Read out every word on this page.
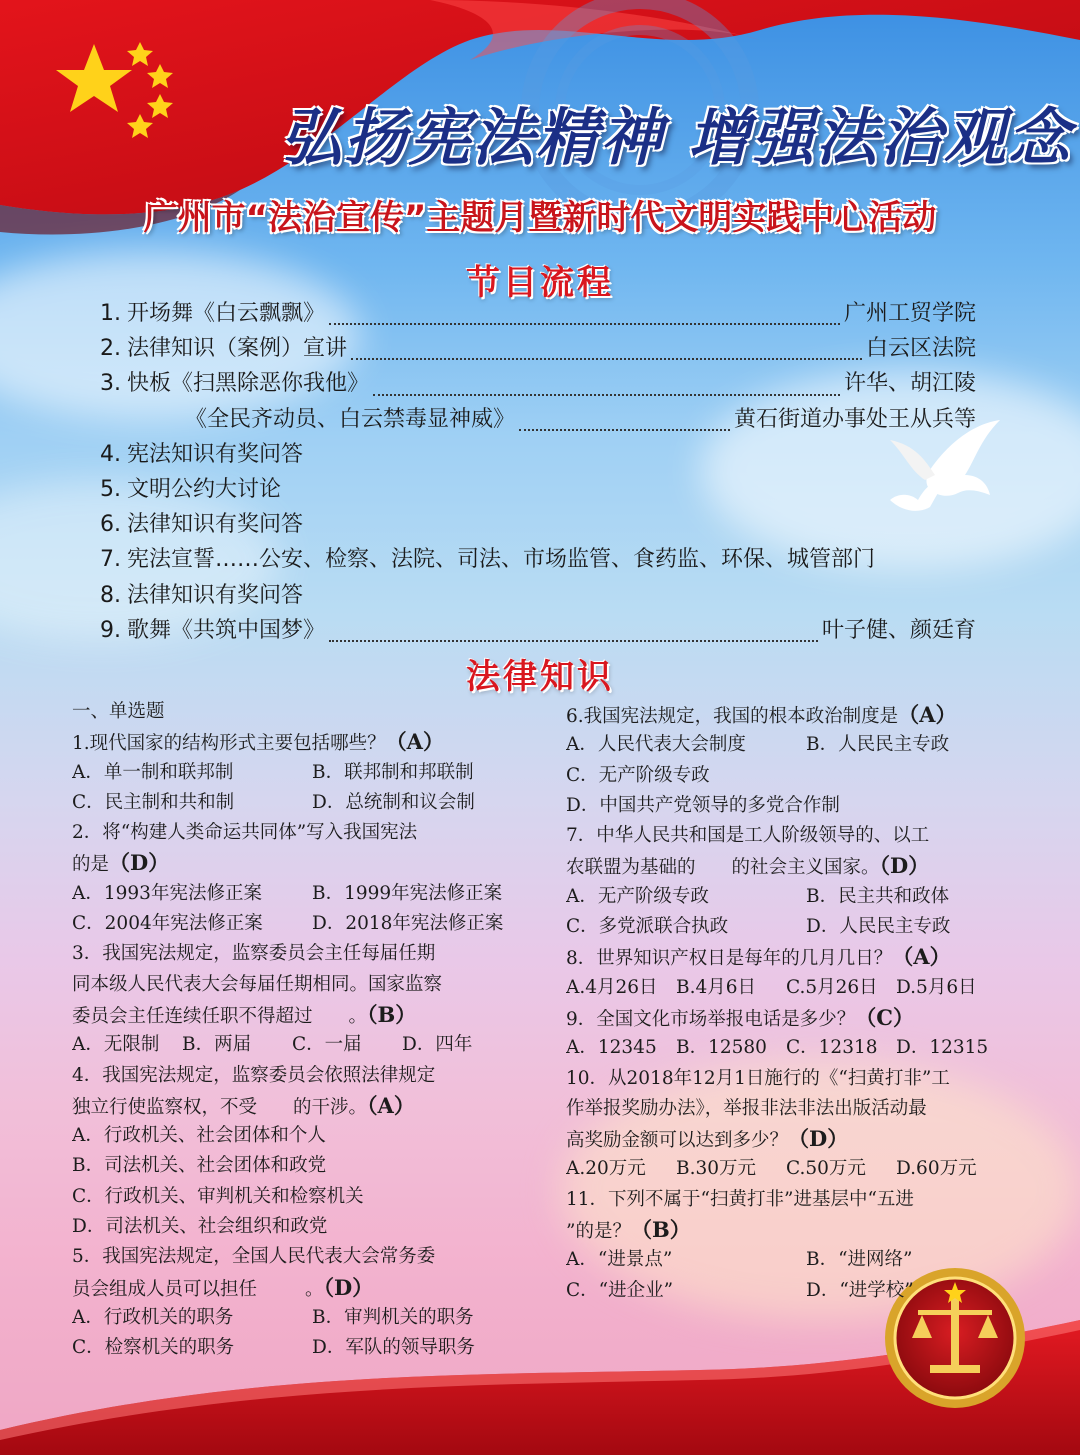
弘扬宪法精神 增强法治观念
广州市“法治宣传”主题月暨新时代文明实践中心活动
节目流程
1. 开场舞《白云飘飘》	广州工贸学院
2. 法律知识（案例）宣讲	白云区法院
3. 快板《扫黑除恶你我他》	许华、胡江陵
《全民齐动员、白云禁毒显神威》	黄石街道办事处王从兵等
4. 宪法知识有奖问答
5. 文明公约大讨论
6. 法律知识有奖问答
7. 宪法宣誓……公安、检察、法院、司法、市场监管、食药监、环保、城管部门
8. 法律知识有奖问答
9. 歌舞《共筑中国梦》	叶子健、颜廷育
法律知识
一、单选题
1.现代国家的结构形式主要包括哪些？（A）
A．单一制和联邦制	B．联邦制和邦联制
C．民主制和共和制	D．总统制和议会制
2．将“构建人类命运共同体”写入我国宪法
的是（D）
A．1993年宪法修正案	B．1999年宪法修正案
C．2004年宪法修正案	D．2018年宪法修正案
3．我国宪法规定，监察委员会主任每届任期
同本级人民代表大会每届任期相同。国家监察
委员会主任连续任职不得超过 。（B）
A．无限制 B．两届 C．一届 D．四年
4．我国宪法规定，监察委员会依照法律规定
独立行使监察权，不受 的干涉。（A）
A．行政机关、社会团体和个人
B．司法机关、社会团体和政党
C．行政机关、审判机关和检察机关
D．司法机关、社会组织和政党
5．我国宪法规定，全国人民代表大会常务委
员会组成人员可以担任	。（D）
A．行政机关的职务	B．审判机关的职务
C．检察机关的职务	D．军队的领导职务
6.我国宪法规定，我国的根本政治制度是（A）
A．人民代表大会制度	B．人民民主专政
C．无产阶级专政
D．中国共产党领导的多党合作制
7．中华人民共和国是工人阶级领导的、以工
农联盟为基础的 的社会主义国家。（D）
A．无产阶级专政	B．民主共和政体
C．多党派联合执政	D．人民民主专政
8．世界知识产权日是每年的几月几日？（A）
A.4月26日 B.4月6日 C.5月26日 D.5月6日
9．全国文化市场举报电话是多少？（C）
A．12345 B．12580 C．12318 D．12315
10．从2018年12月1日施行的《“扫黄打非”工
作举报奖励办法》，举报非法非法出版活动最
高奖励金额可以达到多少？（D）
A.20万元 B.30万元 C.50万元 D.60万元
11．下列不属于“扫黄打非”进基层中“五进
”的是？（B）
A．“进景点”	B．“进网络”
C．“进企业”	D．“进学校”
